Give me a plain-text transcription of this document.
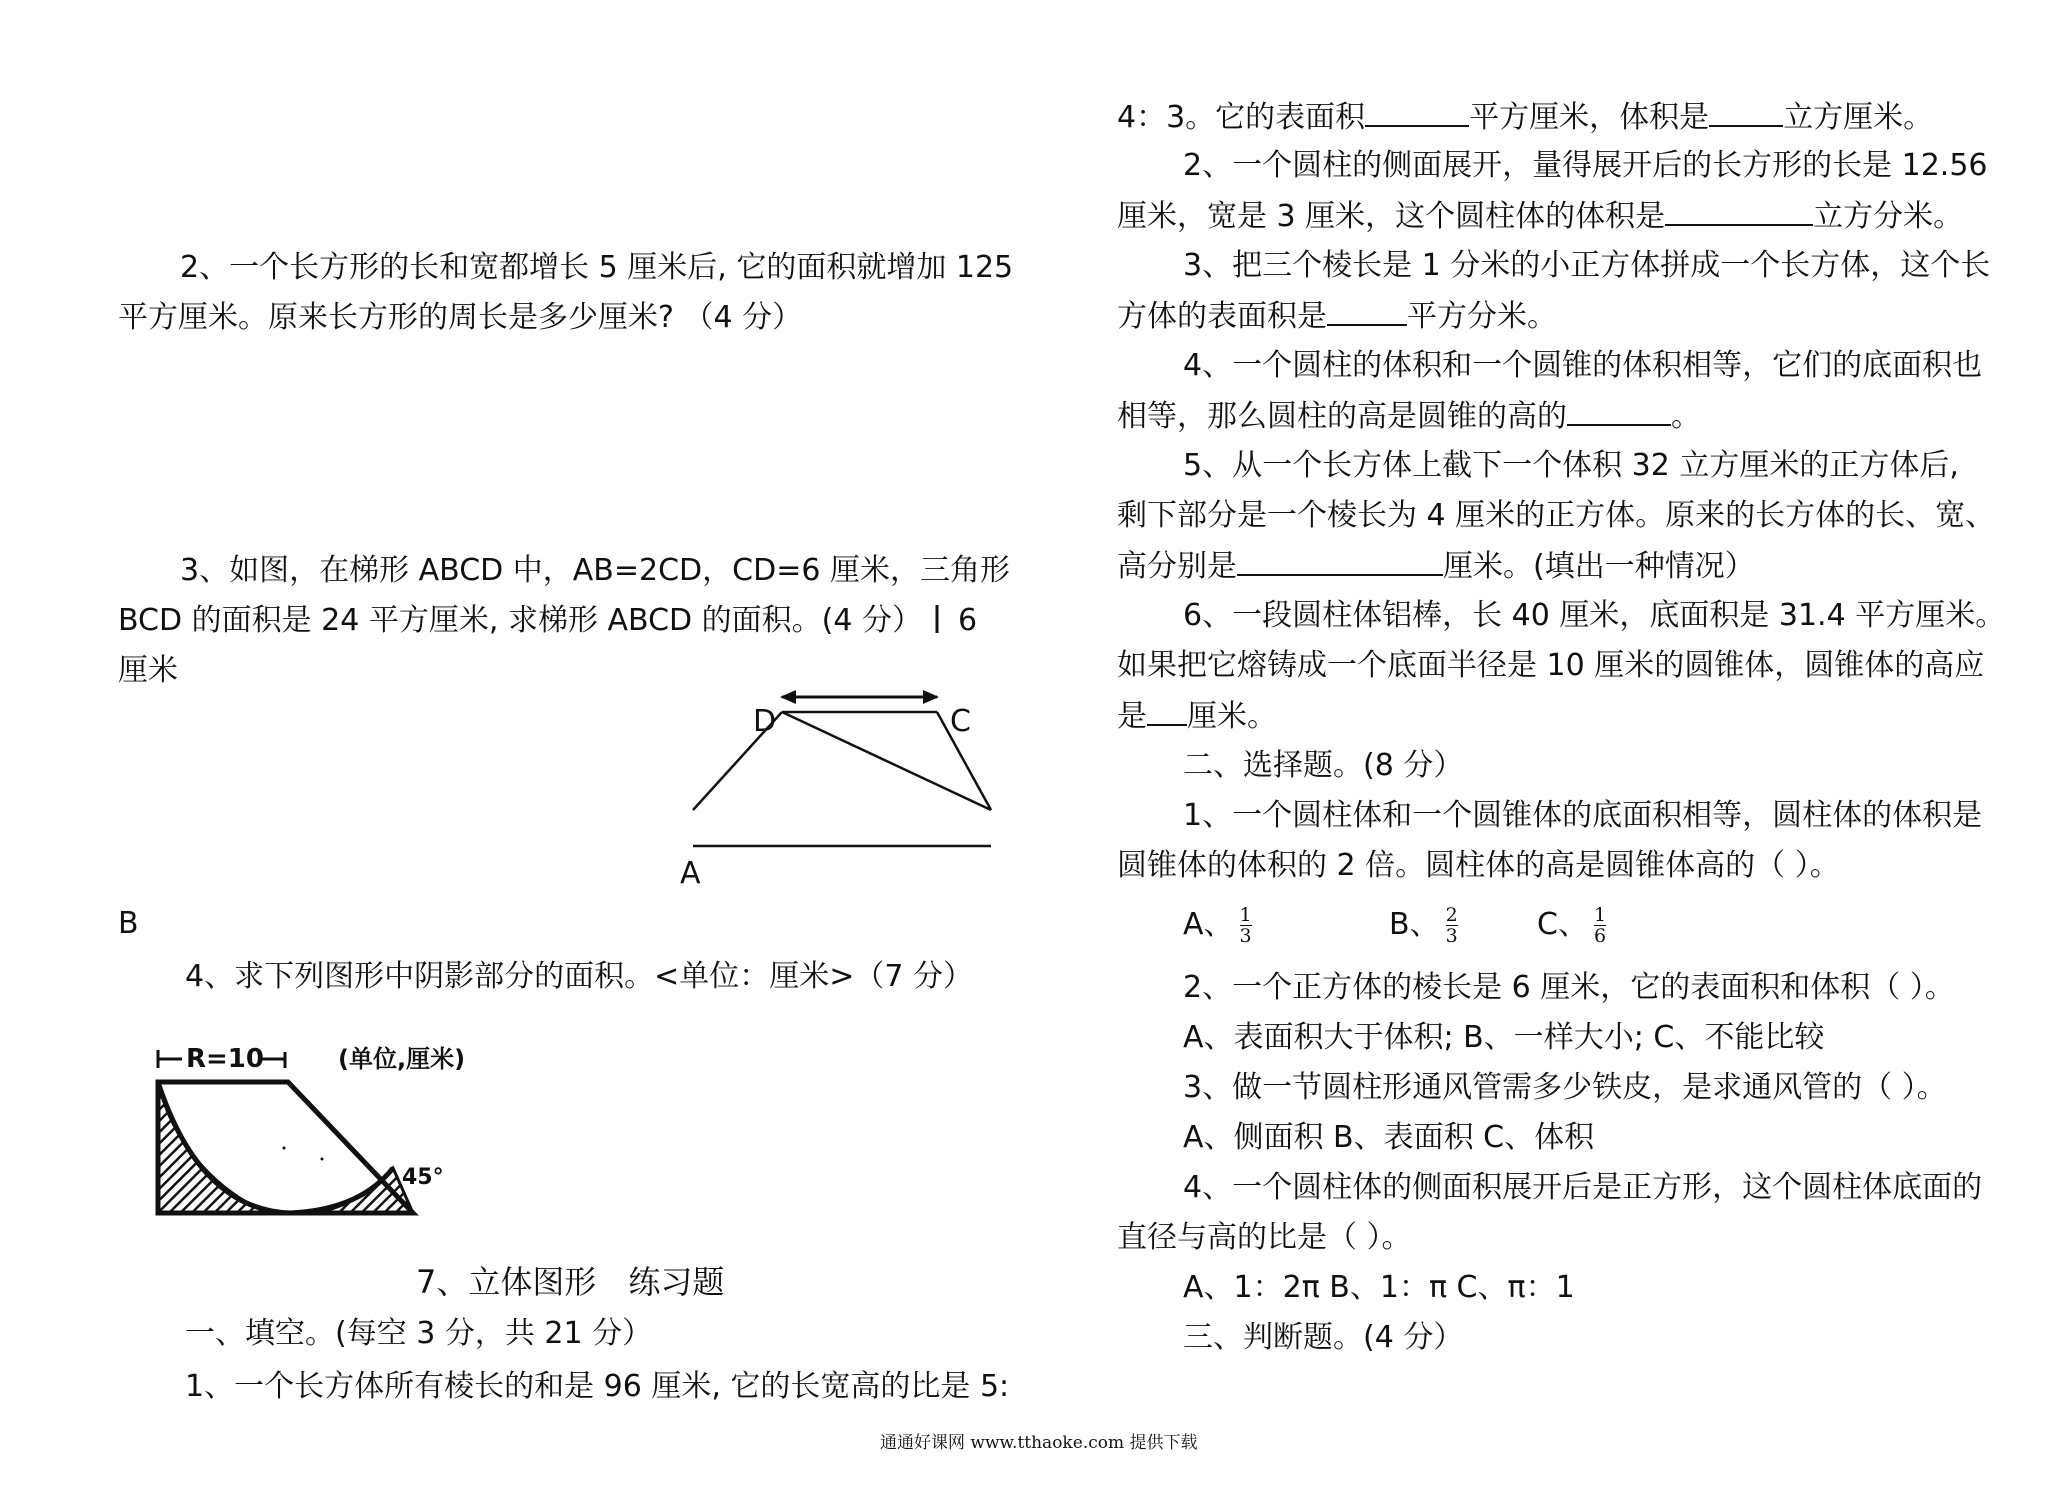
2、一个长方形的长和宽都增长 5 厘米后, 它的面积就增加 125
平方厘米。原来长方形的周长是多少厘米? （4 分）
3、如图，在梯形 ABCD 中，AB=2CD，CD=6 厘米，三角形
BCD 的面积是 24 平方厘米, 求梯形 ABCD 的面积。(4 分） 6
厘米
D	C
A
B
4、求下列图形中阴影部分的面积。<单位：厘米>（7 分）
R=10	(单位,厘米)
45°
7、立体图形　练习题
一、填空。(每空 3 分，共 21 分）
1、一个长方体所有棱长的和是 96 厘米, 它的长宽高的比是 5:
4：3。它的表面积	平方厘米，体积是 立方厘米。
2、一个圆柱的侧面展开，量得展开后的长方形的长是 12.56
厘米，宽是 3 厘米，这个圆柱体的体积是	立方分米。
3、把三个棱长是 1 分米的小正方体拼成一个长方体，这个长
方体的表面积是	平方分米。
4、一个圆柱的体积和一个圆锥的体积相等，它们的底面积也
相等，那么圆柱的高是圆锥的高的	。
5、从一个长方体上截下一个体积 32 立方厘米的正方体后,
剩下部分是一个棱长为 4 厘米的正方体。原来的长方体的长、宽、
高分别是	厘米。(填出一种情况）
6、一段圆柱体铝棒，长 40 厘米，底面积是 31.4 平方厘米。
如果把它熔铸成一个底面半径是 10 厘米的圆锥体，圆锥体的高应
是 厘米。
二、选择题。(8 分）
1、一个圆柱体和一个圆锥体的底面积相等，圆柱体的体积是
圆锥体的体积的 2 倍。圆柱体的高是圆锥体高的（ ）。
A、 $\frac{1}{3}$	B、 $\frac{2}{3}$	C、 $\frac{1}{6}$
2、一个正方体的棱长是 6 厘米，它的表面积和体积（ ）。
A、表面积大于体积; B、一样大小; C、不能比较
3、做一节圆柱形通风管需多少铁皮，是求通风管的（ ）。
A、侧面积 B、表面积 C、体积
4、一个圆柱体的侧面积展开后是正方形，这个圆柱体底面的
直径与高的比是（ ）。
A、1：2π B、1：π C、π：1
三、判断题。(4 分）
通通好课网 www.tthaoke.com 提供下载
